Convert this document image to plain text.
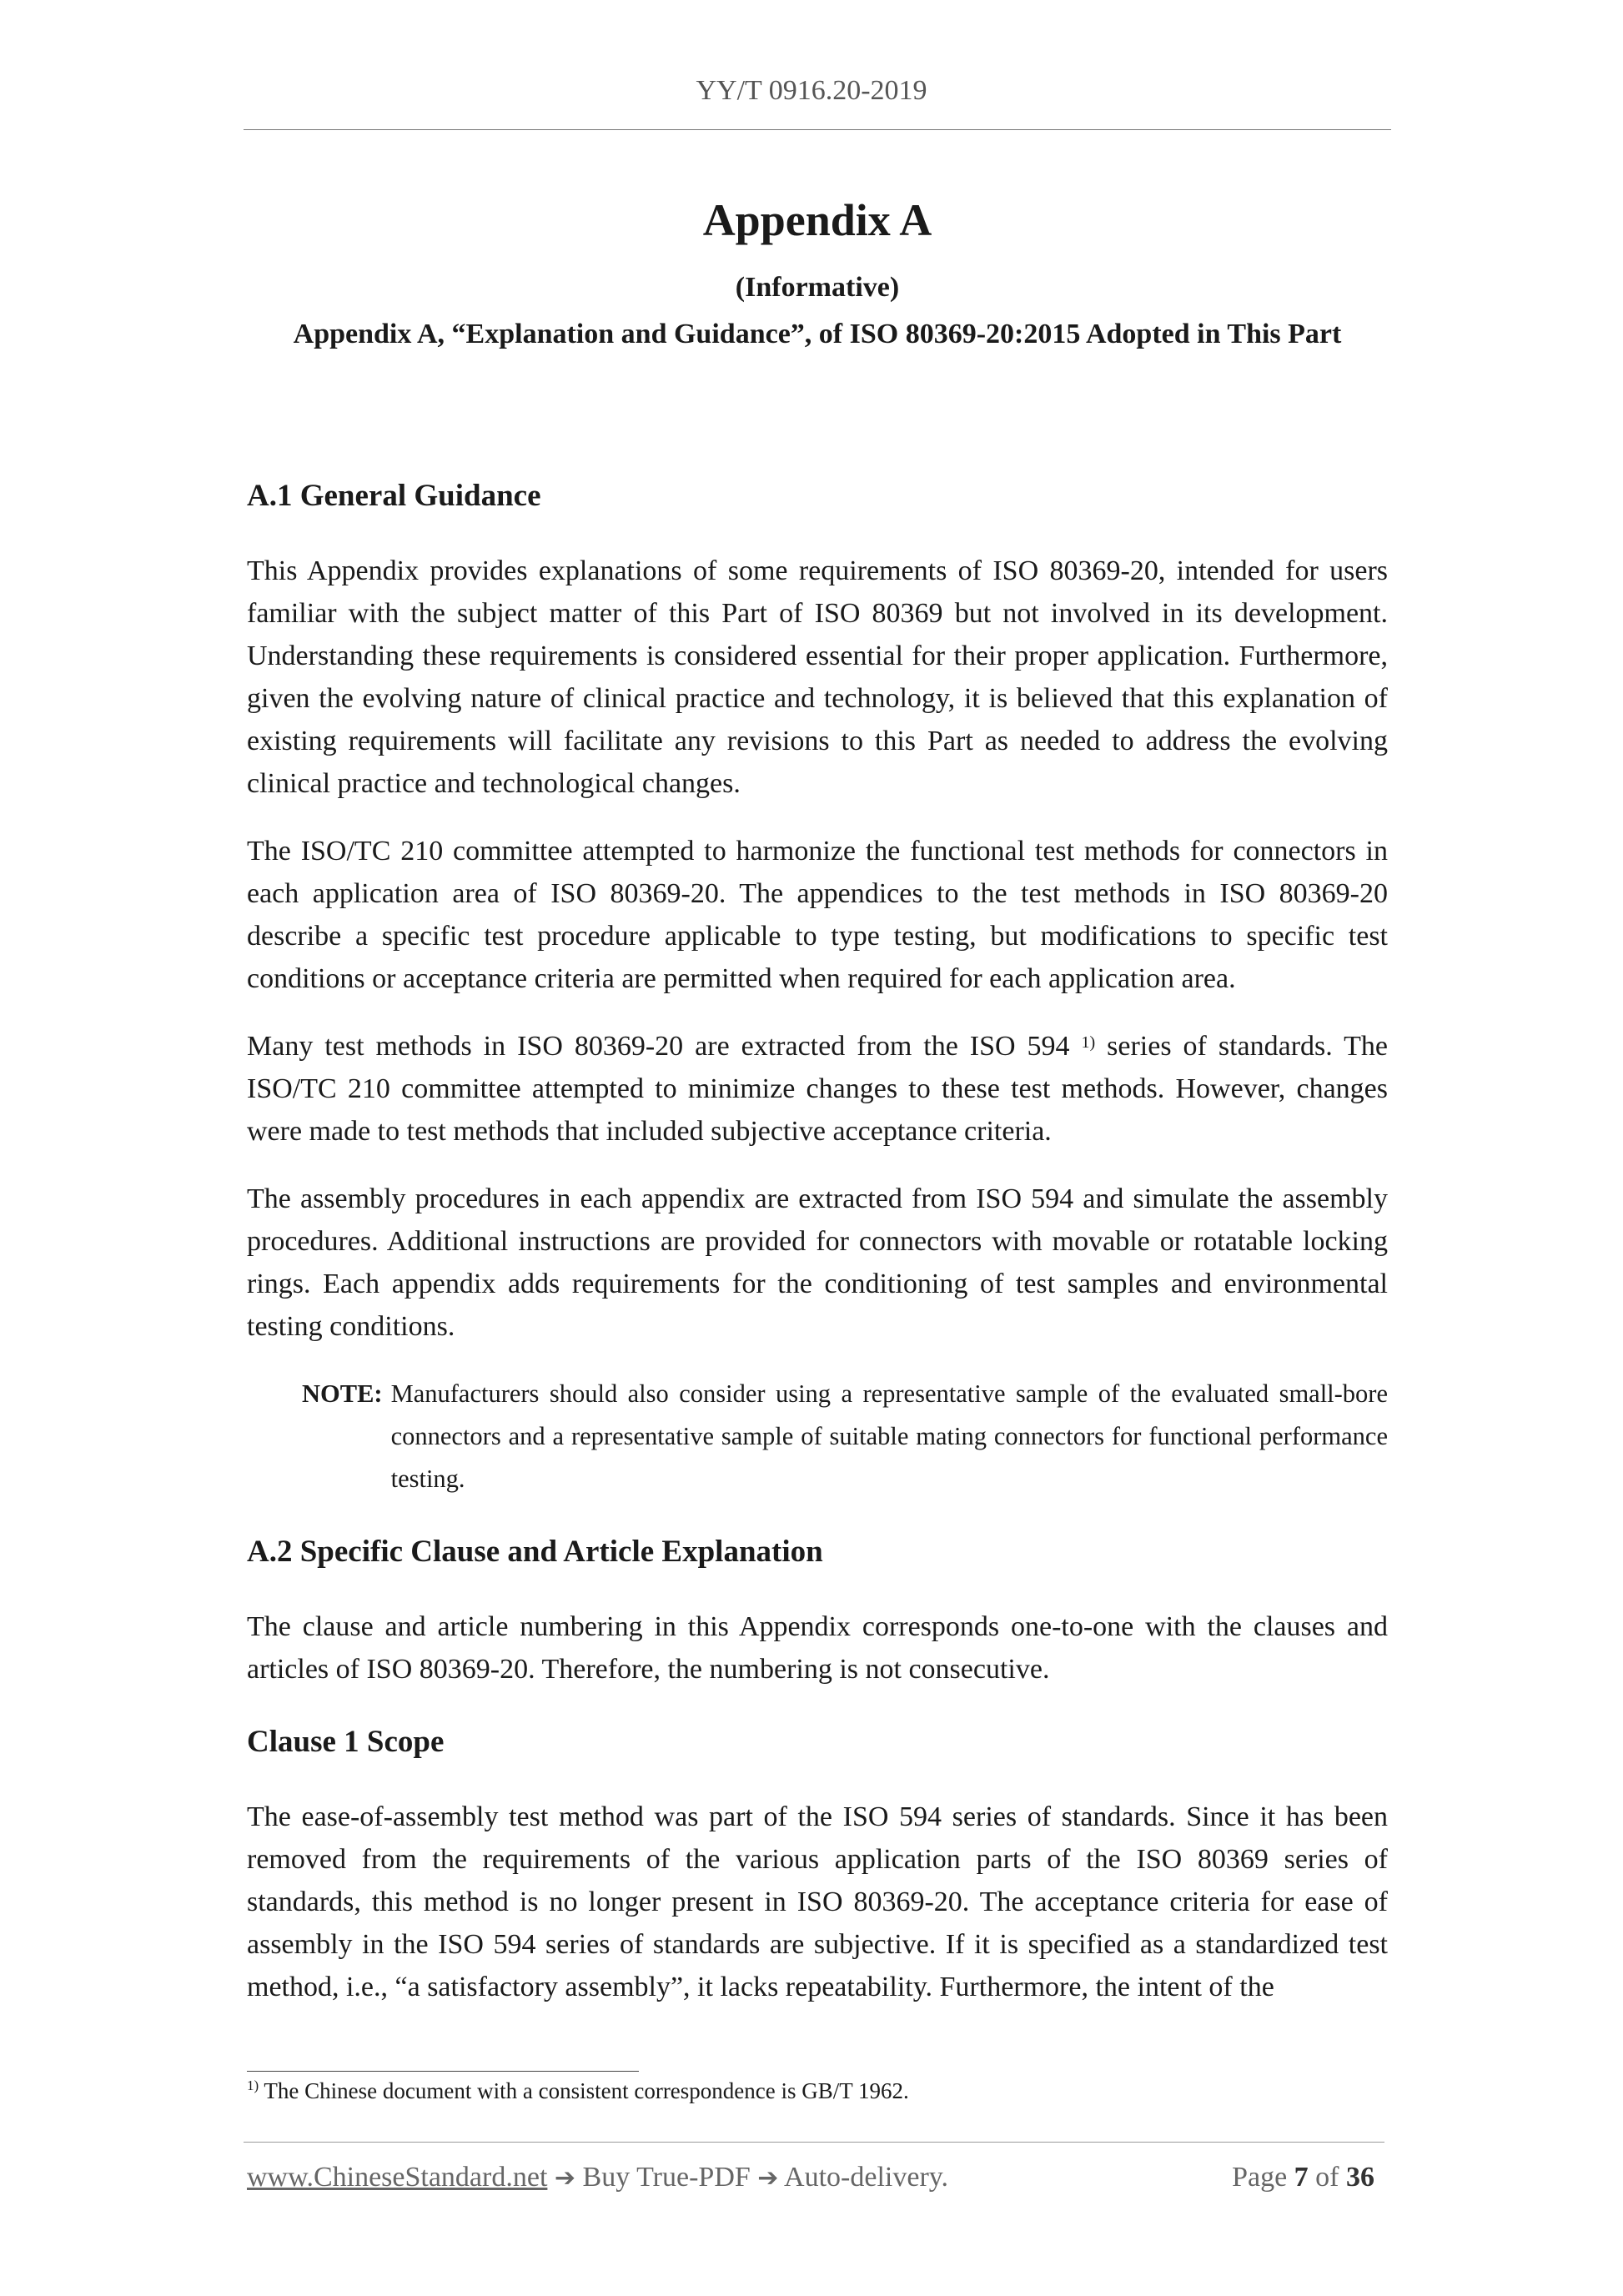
YY/T 0916.20-2019
Appendix A

(Informative)

Appendix A, “Explanation and Guidance”, of ISO 80369-20:2015 Adopted in This Part

A.1 General Guidance

This Appendix provides explanations of some requirements of ISO 80369-20, intended for users familiar with the subject matter of this Part of ISO 80369 but not involved in its development. Understanding these requirements is considered essential for their proper application. Furthermore, given the evolving nature of clinical practice and technology, it is believed that this explanation of existing requirements will facilitate any revisions to this Part as needed to address the evolving clinical practice and technological changes.

The ISO/TC 210 committee attempted to harmonize the functional test methods for connectors in each application area of ISO 80369-20. The appendices to the test methods in ISO 80369-20 describe a specific test procedure applicable to type testing, but modifications to specific test conditions or acceptance criteria are permitted when required for each application area.

Many test methods in ISO 80369-20 are extracted from the ISO 594 $^{1)}$ series of standards. The ISO/TC 210 committee attempted to minimize changes to these test methods. However, changes were made to test methods that included subjective acceptance criteria.

The assembly procedures in each appendix are extracted from ISO 594 and simulate the assembly procedures. Additional instructions are provided for connectors with movable or rotatable locking rings. Each appendix adds requirements for the conditioning of test samples and environmental testing conditions.

NOTE: Manufacturers should also consider using a representative sample of the evaluated small-bore connectors and a representative sample of suitable mating connectors for functional performance testing.
A.2 Specific Clause and Article Explanation

The clause and article numbering in this Appendix corresponds one-to-one with the clauses and articles of ISO 80369-20. Therefore, the numbering is not consecutive.

Clause 1 Scope

The ease-of-assembly test method was part of the ISO 594 series of standards. Since it has been removed from the requirements of the various application parts of the ISO 80369 series of standards, this method is no longer present in ISO 80369-20. The acceptance criteria for ease of assembly in the ISO 594 series of standards are subjective. If it is specified as a standardized test method, i.e., “a satisfactory assembly”, it lacks repeatability. Furthermore, the intent of the

$^{1)}$ The Chinese document with a consistent correspondence is GB/T 1962.
www.ChineseStandard.net ➔ Buy True-PDF ➔ Auto-delivery.	Page 7 of 36
